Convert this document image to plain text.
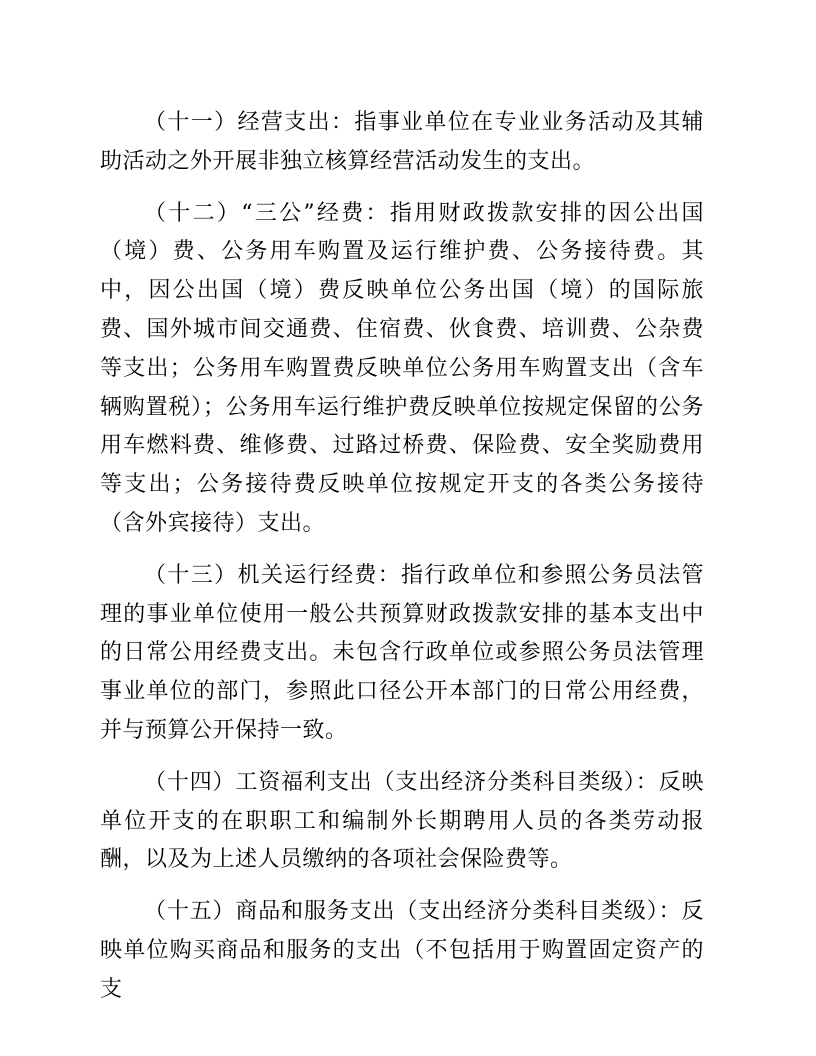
（十一）经营支出：指事业单位在专业业务活动及其辅助活动之外开展非独立核算经营活动发生的支出。

（十二）“三公”经费：指用财政拨款安排的因公出国（境）费、公务用车购置及运行维护费、公务接待费。其中，因公出国（境）费反映单位公务出国（境）的国际旅费、国外城市间交通费、住宿费、伙食费、培训费、公杂费等支出；公务用车购置费反映单位公务用车购置支出（含车辆购置税）；公务用车运行维护费反映单位按规定保留的公务用车燃料费、维修费、过路过桥费、保险费、安全奖励费用等支出；公务接待费反映单位按规定开支的各类公务接待（含外宾接待）支出。

（十三）机关运行经费：指行政单位和参照公务员法管理的事业单位使用一般公共预算财政拨款安排的基本支出中的日常公用经费支出。未包含行政单位或参照公务员法管理事业单位的部门，参照此口径公开本部门的日常公用经费，并与预算公开保持一致。

（十四）工资福利支出（支出经济分类科目类级）：反映单位开支的在职职工和编制外长期聘用人员的各类劳动报酬，以及为上述人员缴纳的各项社会保险费等。

（十五）商品和服务支出（支出经济分类科目类级）：反映单位购买商品和服务的支出（不包括用于购置固定资产的支
